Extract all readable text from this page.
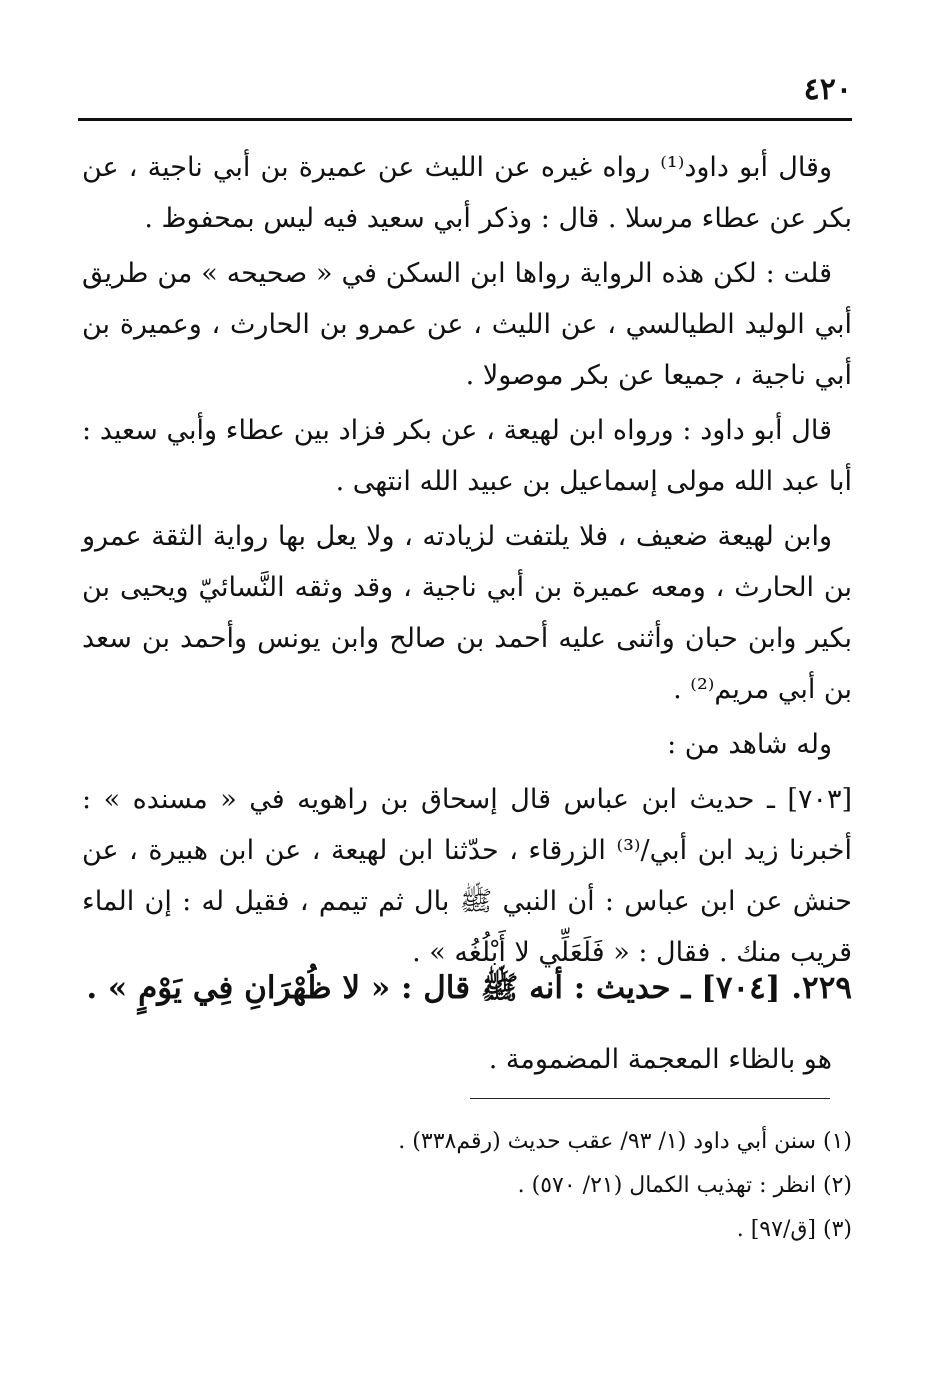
٤٢٠

وقال أبو داود⁽¹⁾ رواه غيره عن الليث عن عميرة بن أبي ناجية ، عن بكر عن عطاء مرسلا . قال : وذكر أبي سعيد فيه ليس بمحفوظ .

قلت : لكن هذه الرواية رواها ابن السكن في « صحيحه » من طريق أبي الوليد الطيالسي ، عن الليث ، عن عمرو بن الحارث ، وعميرة بن أبي ناجية ، جميعا عن بكر موصولا .

قال أبو داود : ورواه ابن لهيعة ، عن بكر فزاد بين عطاء وأبي سعيد : أبا عبد الله مولى إسماعيل بن عبيد الله انتهى .

وابن لهيعة ضعيف ، فلا يلتفت لزيادته ، ولا يعل بها رواية الثقة عمرو بن الحارث ، ومعه عميرة بن أبي ناجية ، وقد وثقه النَّسائيّ ويحيى بن بكير وابن حبان وأثنى عليه أحمد بن صالح وابن يونس وأحمد بن سعد بن أبي مريم⁽²⁾ .

وله شاهد من :

[٧٠٣] ـ حديث ابن عباس قال إسحاق بن راهويه في « مسنده » : أخبرنا زيد ابن أبي/⁽³⁾ الزرقاء ، حدّثنا ابن لهيعة ، عن ابن هبيرة ، عن حنش عن ابن عباس : أن النبي ﷺ بال ثم تيمم ، فقيل له : إن الماء قريب منك . فقال : « فَلَعَلِّي لا أَبْلُغُه » .

٢٢٩. [٧٠٤] ـ حديث : أنه ﷺ قال : « لا ظُهْرَانِ فِي يَوْمٍ » .
هو بالظاء المعجمة المضمومة .

(١) سنن أبي داود (١/ ٩٣/ عقب حديث (رقم٣٣٨) .

(٢) انظر : تهذيب الكمال (٢١/ ٥٧٠) .

(٣) [ق/٩٧] .
